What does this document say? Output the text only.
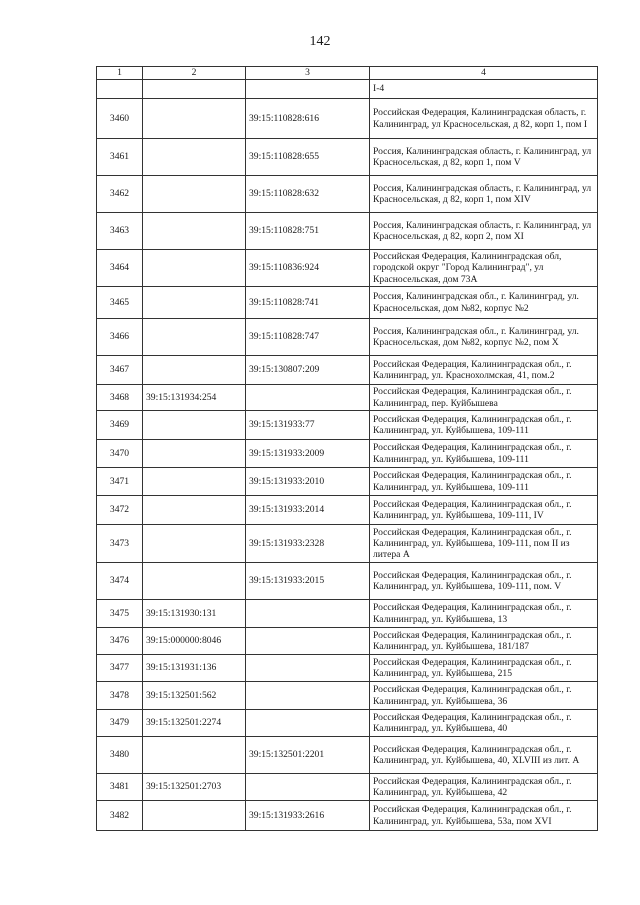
142
1	2	3	4
			I-4
3460		39:15:110828:616	Российская Федерация, Калининградская область, г. Калининград, ул Красносельская, д 82, корп 1, пом I
3461		39:15:110828:655	Россия, Калининградская область, г. Калининград, ул Красносельская, д 82, корп 1, пом V
3462		39:15:110828:632	Россия, Калининградская область, г. Калининград, ул Красносельская, д 82, корп 1, пом XIV
3463		39:15:110828:751	Россия, Калининградская область, г. Калининград, ул Красносельская, д 82, корп 2, пом XI
3464		39:15:110836:924	Российская Федерация, Калининградская обл, городской округ "Город Калининград", ул Красносельская, дом 73А
3465		39:15:110828:741	Россия, Калининградская обл., г. Калининград, ул. Красносельская, дом №82, корпус №2
3466		39:15:110828:747	Россия, Калининградская обл., г. Калининград, ул. Красносельская, дом №82, корпус №2, пом X
3467		39:15:130807:209	Российская Федерация, Калининградская обл., г. Калининград, ул. Краснохолмская, 41, пом.2
3468	39:15:131934:254		Российская Федерация, Калининградская обл., г. Калининград, пер. Куйбышева
3469		39:15:131933:77	Российская Федерация, Калининградская обл., г. Калининград, ул. Куйбышева, 109-111
3470		39:15:131933:2009	Российская Федерация, Калининградская обл., г. Калининград, ул. Куйбышева, 109-111
3471		39:15:131933:2010	Российская Федерация, Калининградская обл., г. Калининград, ул. Куйбышева, 109-111
3472		39:15:131933:2014	Российская Федерация, Калининградская обл., г. Калининград, ул. Куйбышева, 109-111, IV
3473		39:15:131933:2328	Российская Федерация, Калининградская обл., г. Калининград, ул. Куйбышева, 109-111, пом II из литера А
3474		39:15:131933:2015	Российская Федерация, Калининградская обл., г. Калининград, ул. Куйбышева, 109-111, пом. V
3475	39:15:131930:131		Российская Федерация, Калининградская обл., г. Калининград, ул. Куйбышева, 13
3476	39:15:000000:8046		Российская Федерация, Калининградская обл., г. Калининград, ул. Куйбышева, 181/187
3477	39:15:131931:136		Российская Федерация, Калининградская обл., г. Калининград, ул. Куйбышева, 215
3478	39:15:132501:562		Российская Федерация, Калининградская обл., г. Калининград, ул. Куйбышева, 36
3479	39:15:132501:2274		Российская Федерация, Калининградская обл., г. Калининград, ул. Куйбышева, 40
3480		39:15:132501:2201	Российская Федерация, Калининградская обл., г. Калининград, ул. Куйбышева, 40, XLVIII из лит. А
3481	39:15:132501:2703		Российская Федерация, Калининградская обл., г. Калининград, ул. Куйбышева, 42
3482		39:15:131933:2616	Российская Федерация, Калининградская обл., г. Калининград, ул. Куйбышева, 53а, пом XVI
